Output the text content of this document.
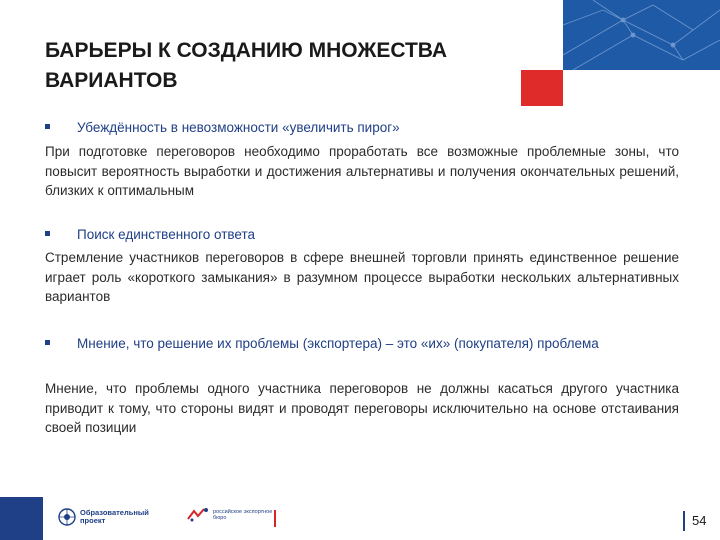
БАРЬЕРЫ К СОЗДАНИЮ МНОЖЕСТВА ВАРИАНТОВ
Убеждённость в невозможности «увеличить пирог»
При подготовке переговоров необходимо проработать все возможные проблемные зоны, что повысит вероятность выработки и достижения альтернативы и получения окончательных решений, близких к оптимальным
Поиск единственного ответа
Стремление участников переговоров в сфере внешней торговли принять единственное решение играет роль «короткого замыкания» в разумном процессе выработки нескольких альтернативных вариантов
Мнение, что решение их проблемы (экспортера) – это «их» (покупателя) проблема
Мнение, что проблемы одного участника переговоров не должны касаться другого участника приводит к тому, что стороны видят и проводят переговоры исключительно на основе отстаивания своей позиции
Образовательный проект
российское экспортное бюро	54
